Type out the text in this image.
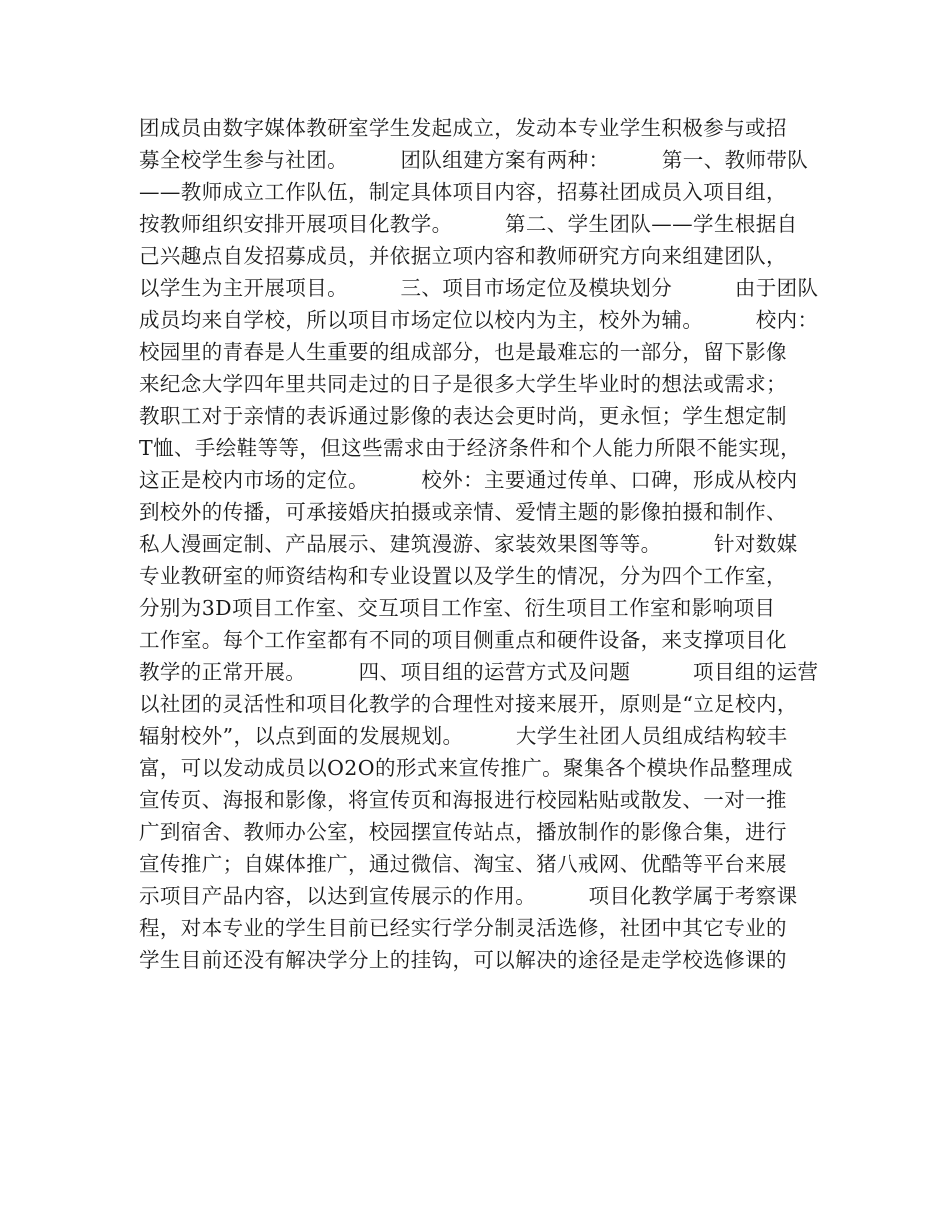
团成员由数字媒体教研室学生发起成立，发动本专业学生积极参与或招
募全校学生参与社团。　　　团队组建方案有两种：　　　第一、教师带队
——教师成立工作队伍，制定具体项目内容，招募社团成员入项目组，
按教师组织安排开展项目化教学。　　　第二、学生团队——学生根据自
己兴趣点自发招募成员，并依据立项内容和教师研究方向来组建团队，
以学生为主开展项目。　　　三、项目市场定位及模块划分　　　由于团队
成员均来自学校，所以项目市场定位以校内为主，校外为辅。　　　校内：
校园里的青春是人生重要的组成部分，也是最难忘的一部分，留下影像
来纪念大学四年里共同走过的日子是很多大学生毕业时的想法或需求；
教职工对于亲情的表诉通过影像的表达会更时尚，更永恒；学生想定制
T恤、手绘鞋等等，但这些需求由于经济条件和个人能力所限不能实现，
这正是校内市场的定位。　　　校外：主要通过传单、口碑，形成从校内
到校外的传播，可承接婚庆拍摄或亲情、爱情主题的影像拍摄和制作、
私人漫画定制、产品展示、建筑漫游、家装效果图等等。　　　针对数媒
专业教研室的师资结构和专业设置以及学生的情况，分为四个工作室，
分别为3D项目工作室、交互项目工作室、衍生项目工作室和影响项目
工作室。每个工作室都有不同的项目侧重点和硬件设备，来支撑项目化
教学的正常开展。　　　四、项目组的运营方式及问题　　　项目组的运营
以社团的灵活性和项目化教学的合理性对接来展开，原则是“立足校内，
辐射校外”，以点到面的发展规划。　　　大学生社团人员组成结构较丰
富，可以发动成员以O2O的形式来宣传推广。聚集各个模块作品整理成
宣传页、海报和影像，将宣传页和海报进行校园粘贴或散发、一对一推
广到宿舍、教师办公室，校园摆宣传站点，播放制作的影像合集，进行
宣传推广；自媒体推广，通过微信、淘宝、猪八戒网、优酷等平台来展
示项目产品内容，以达到宣传展示的作用。　　　项目化教学属于考察课
程，对本专业的学生目前已经实行学分制灵活选修，社团中其它专业的
学生目前还没有解决学分上的挂钩，可以解决的途径是走学校选修课的
